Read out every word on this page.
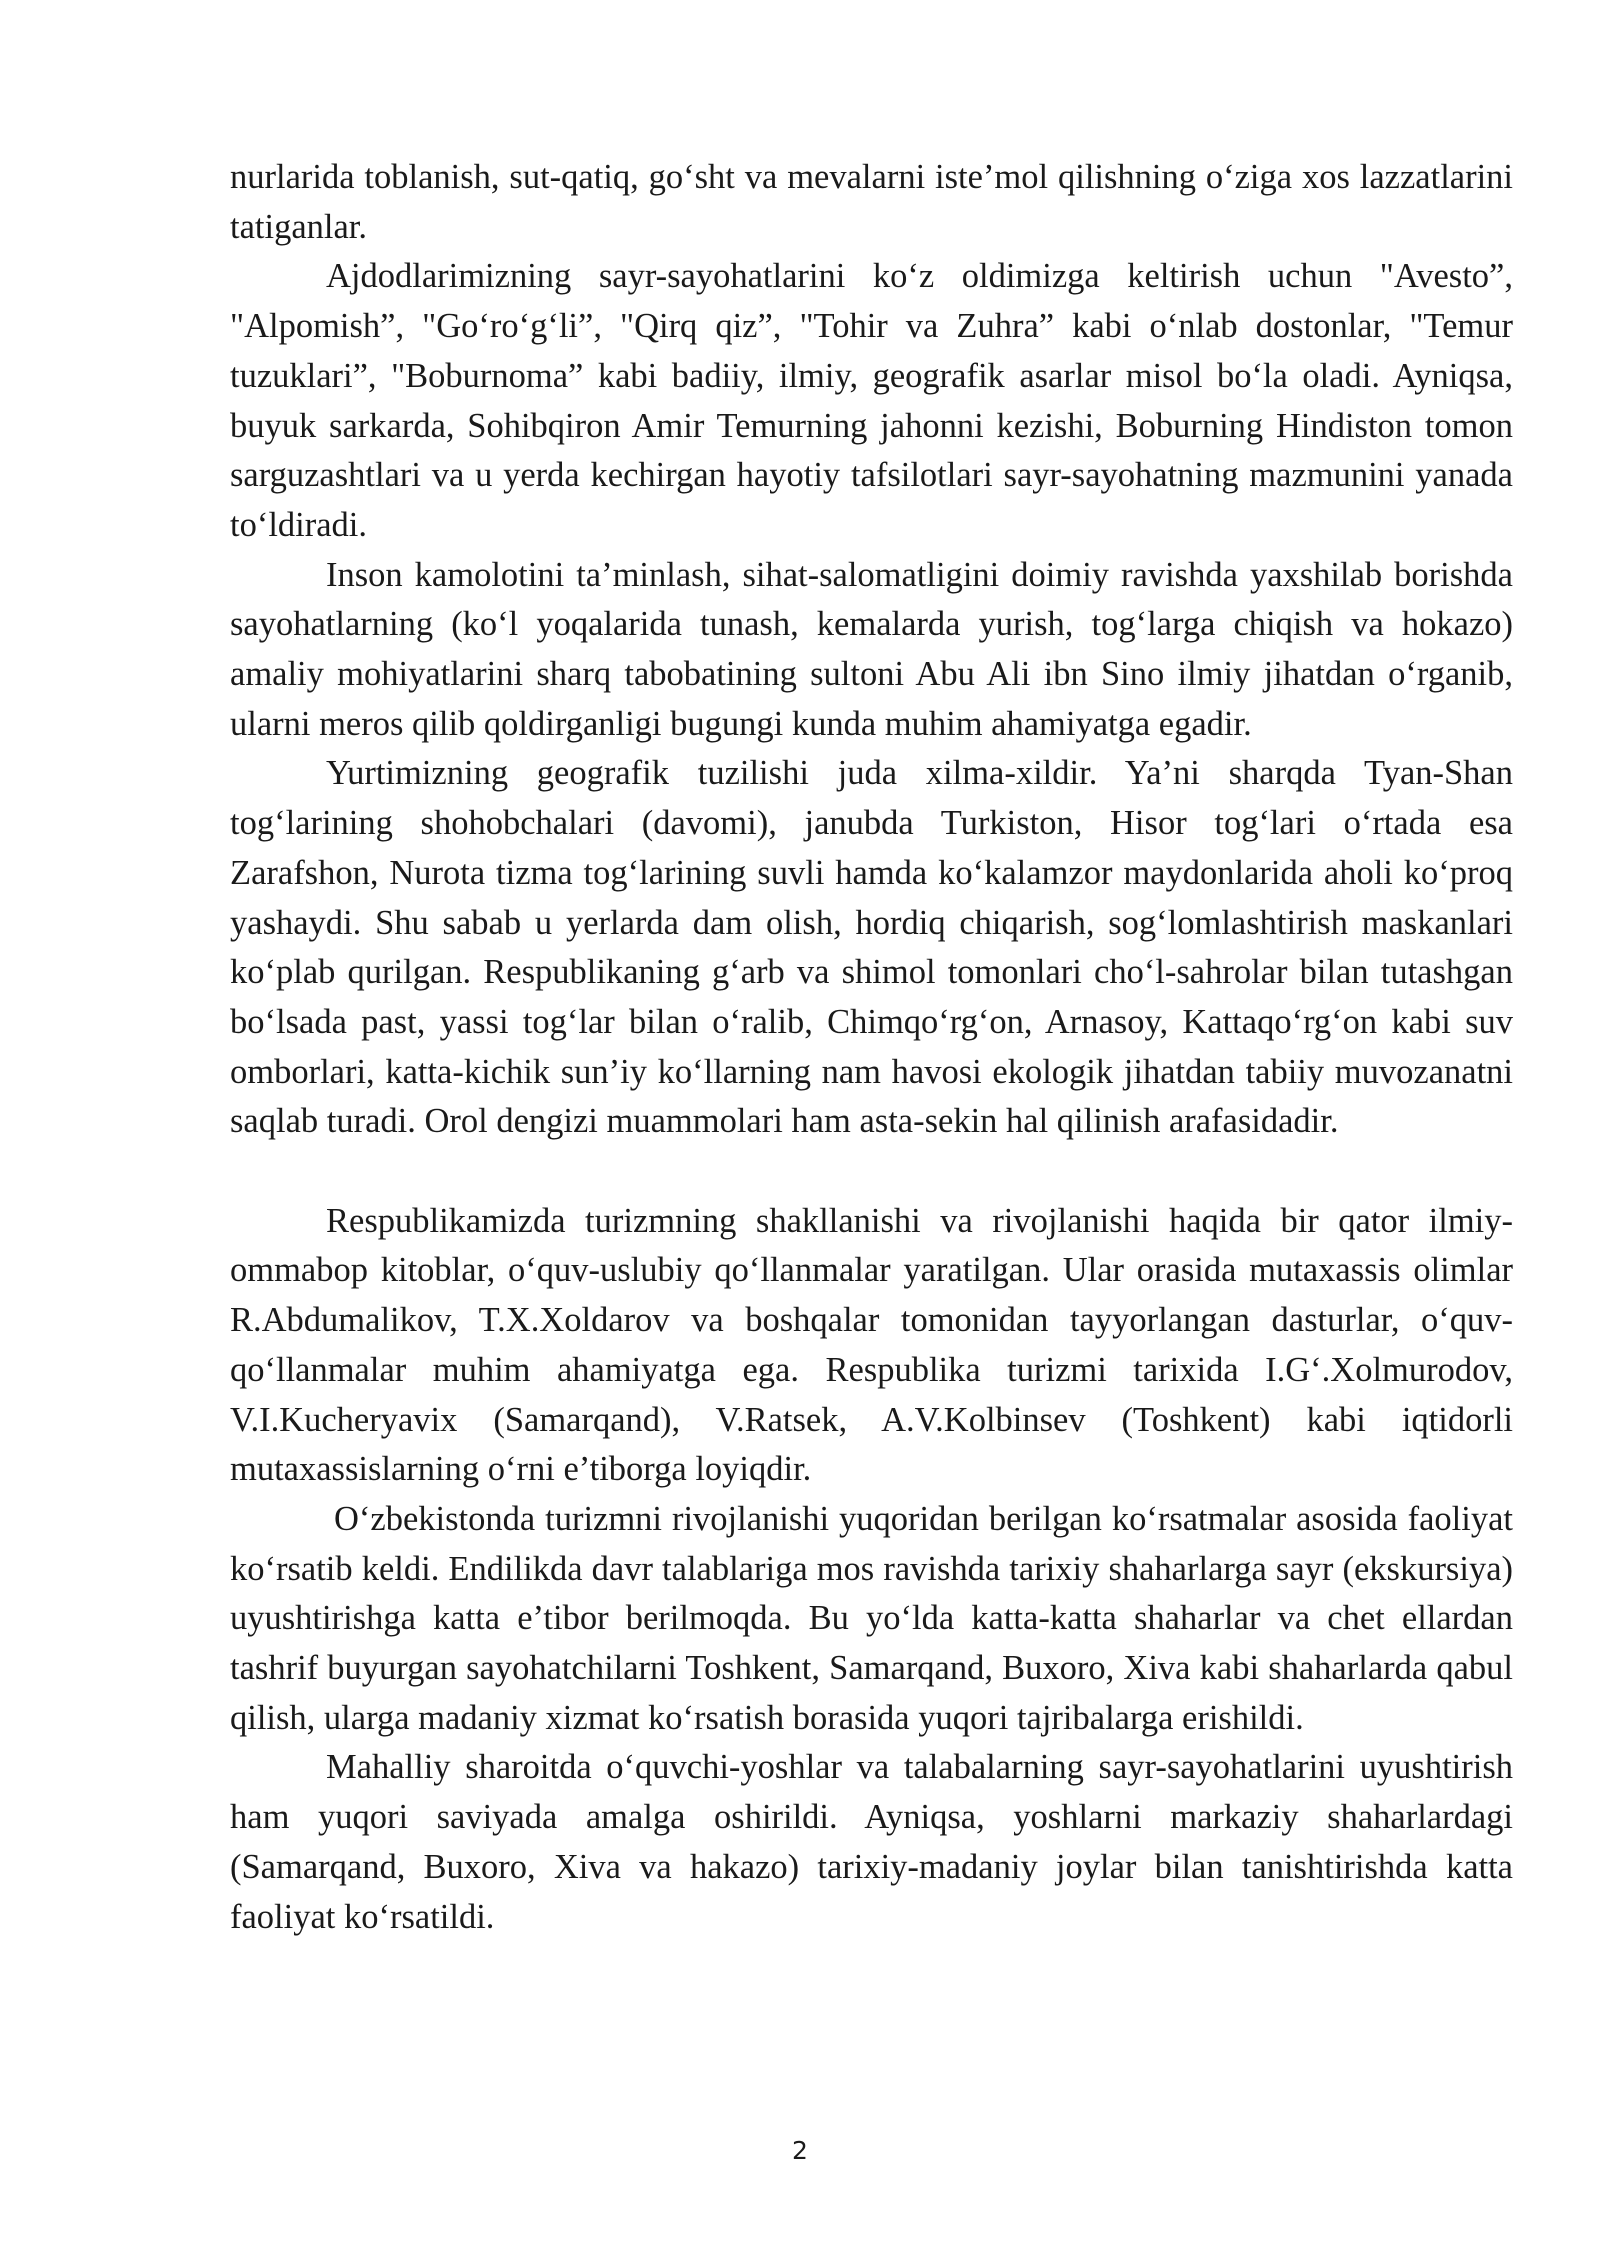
nurlarida toblanish, sut-qatiq, go‘sht va mevalarni iste’mol qilishning o‘ziga xos lazzatlarini tatiganlar.

Ajdodlarimizning sayr-sayohatlarini ko‘z oldimizga keltirish uchun "Avesto”, "Alpomish”, "Go‘ro‘g‘li”, "Qirq qiz”, "Tohir va Zuhra” kabi o‘nlab dostonlar, "Temur tuzuklari”, "Boburnoma” kabi badiiy, ilmiy, geografik asarlar misol bo‘la oladi. Ayniqsa, buyuk sarkarda, Sohibqiron Amir Temurning jahonni kezishi, Boburning Hindiston tomon sarguzashtlari va u yerda kechirgan hayotiy tafsilotlari sayr-sayohatning mazmunini yanada to‘ldiradi.

Inson kamolotini ta’minlash, sihat-salomatligini doimiy ravishda yaxshilab borishda sayohatlarning (ko‘l yoqalarida tunash, kemalarda yurish, tog‘larga chiqish va hokazo) amaliy mohiyatlarini sharq tabobatining sultoni Abu Ali ibn Sino ilmiy jihatdan o‘rganib, ularni meros qilib qoldirganligi bugungi kunda muhim ahamiyatga egadir.

Yurtimizning geografik tuzilishi juda xilma-xildir. Ya’ni sharqda Tyan-Shan tog‘larining shohobchalari (davomi), janubda Turkiston, Hisor tog‘lari o‘rtada esa Zarafshon, Nurota tizma tog‘larining suvli hamda ko‘kalamzor maydonlarida aholi ko‘proq yashaydi. Shu sabab u yerlarda dam olish, hordiq chiqarish, sog‘lomlashtirish maskanlari ko‘plab qurilgan. Respublikaning g‘arb va shimol tomonlari cho‘l-sahrolar bilan tutashgan bo‘lsada past, yassi tog‘lar bilan o‘ralib, Chimqo‘rg‘on, Arnasoy, Kattaqo‘rg‘on kabi suv omborlari, katta-kichik sun’iy ko‘llarning nam havosi ekologik jihatdan tabiiy muvozanatni saqlab turadi. Orol dengizi muammolari ham asta-sekin hal qilinish arafasidadir.

Respublikamizda turizmning shakllanishi va rivojlanishi haqida bir qator ilmiy-ommabop kitoblar, o‘quv-uslubiy qo‘llanmalar yaratilgan. Ular orasida mutaxassis olimlar R.Abdumalikov, T.X.Xoldarov va boshqalar tomonidan tayyorlangan dasturlar, o‘quv-qo‘llanmalar muhim ahamiyatga ega. Respublika turizmi tarixida I.G‘.Xolmurodov, V.I.Kucheryavix (Samarqand), V.Ratsek, A.V.Kolbinsev (Toshkent) kabi iqtidorli mutaxassislarning o‘rni e’tiborga loyiqdir.

O‘zbekistonda turizmni rivojlanishi yuqoridan berilgan ko‘rsatmalar asosida faoliyat ko‘rsatib keldi. Endilikda davr talablariga mos ravishda tarixiy shaharlarga sayr (ekskursiya) uyushtirishga katta e’tibor berilmoqda. Bu yo‘lda katta-katta shaharlar va chet ellardan tashrif buyurgan sayohatchilarni Toshkent, Samarqand, Buxoro, Xiva kabi shaharlarda qabul qilish, ularga madaniy xizmat ko‘rsatish borasida yuqori tajribalarga erishildi.

Mahalliy sharoitda o‘quvchi-yoshlar va talabalarning sayr-sayohatlarini uyushtirish ham yuqori saviyada amalga oshirildi. Ayniqsa, yoshlarni markaziy shaharlardagi (Samarqand, Buxoro, Xiva va hakazo) tarixiy-madaniy joylar bilan tanishtirishda katta faoliyat ko‘rsatildi.

2
